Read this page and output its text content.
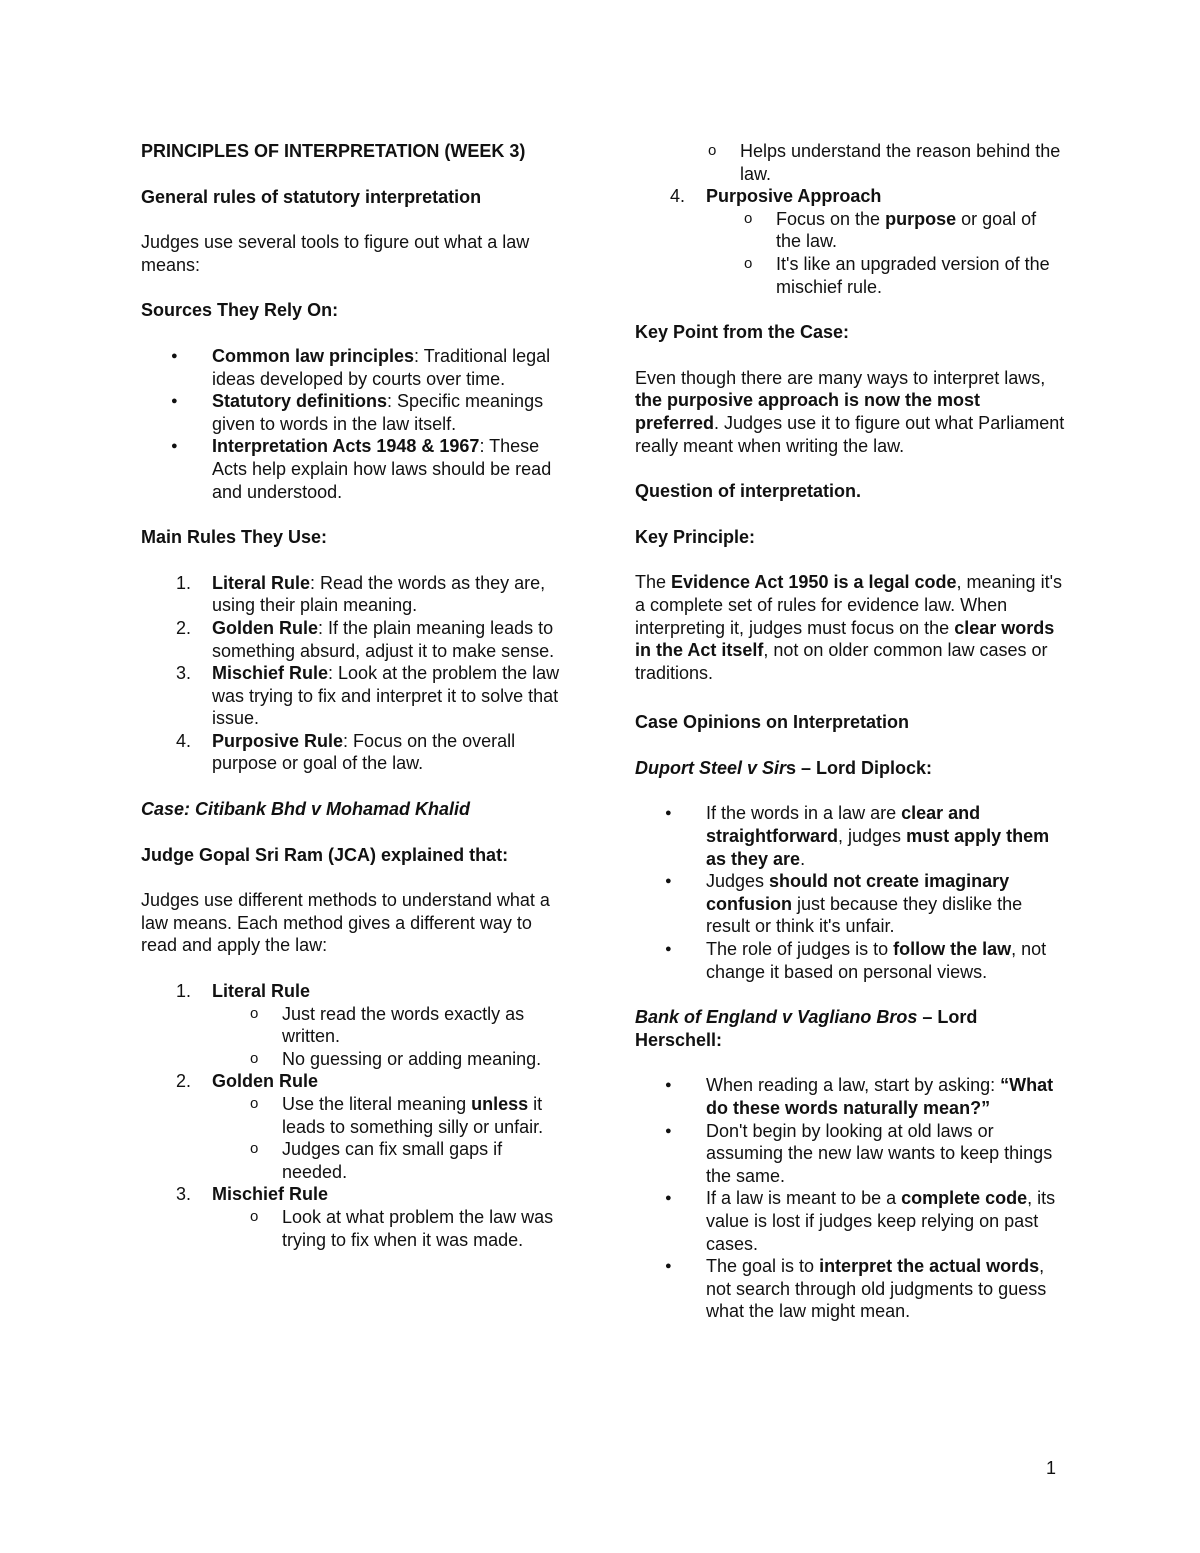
PRINCIPLES OF INTERPRETATION (WEEK 3)

General rules of statutory interpretation

Judges use several tools to figure out what a law means:

Sources They Rely On:

● Common law principles: Traditional legal ideas developed by courts over time.
● Statutory definitions: Specific meanings given to words in the law itself.
● Interpretation Acts 1948 & 1967: These Acts help explain how laws should be read and understood.

Main Rules They Use:

1. Literal Rule: Read the words as they are, using their plain meaning.
2. Golden Rule: If the plain meaning leads to something absurd, adjust it to make sense.
3. Mischief Rule: Look at the problem the law was trying to fix and interpret it to solve that issue.
4. Purposive Rule: Focus on the overall purpose or goal of the law.

Case: Citibank Bhd v Mohamad Khalid

Judge Gopal Sri Ram (JCA) explained that:

Judges use different methods to understand what a law means. Each method gives a different way to read and apply the law:

1. Literal Rule
o Just read the words exactly as written.
o No guessing or adding meaning.
2. Golden Rule
o Use the literal meaning unless it leads to something silly or unfair.
o Judges can fix small gaps if needed.
3. Mischief Rule
o Look at what problem the law was trying to fix when it was made.
o Helps understand the reason behind the law.
4. Purposive Approach
o Focus on the purpose or goal of the law.
o It's like an upgraded version of the mischief rule.

Key Point from the Case:

Even though there are many ways to interpret laws, the purposive approach is now the most preferred. Judges use it to figure out what Parliament really meant when writing the law.

Question of interpretation.

Key Principle:

The Evidence Act 1950 is a legal code, meaning it's a complete set of rules for evidence law. When interpreting it, judges must focus on the clear words in the Act itself, not on older common law cases or traditions.

Case Opinions on Interpretation

Duport Steel v Sirs – Lord Diplock:

● If the words in a law are clear and straightforward, judges must apply them as they are.
● Judges should not create imaginary confusion just because they dislike the result or think it's unfair.
● The role of judges is to follow the law, not change it based on personal views.

Bank of England v Vagliano Bros – Lord Herschell:

● When reading a law, start by asking: “What do these words naturally mean?”
● Don't begin by looking at old laws or assuming the new law wants to keep things the same.
● If a law is meant to be a complete code, its value is lost if judges keep relying on past cases.
● The goal is to interpret the actual words, not search through old judgments to guess what the law might mean.
1
